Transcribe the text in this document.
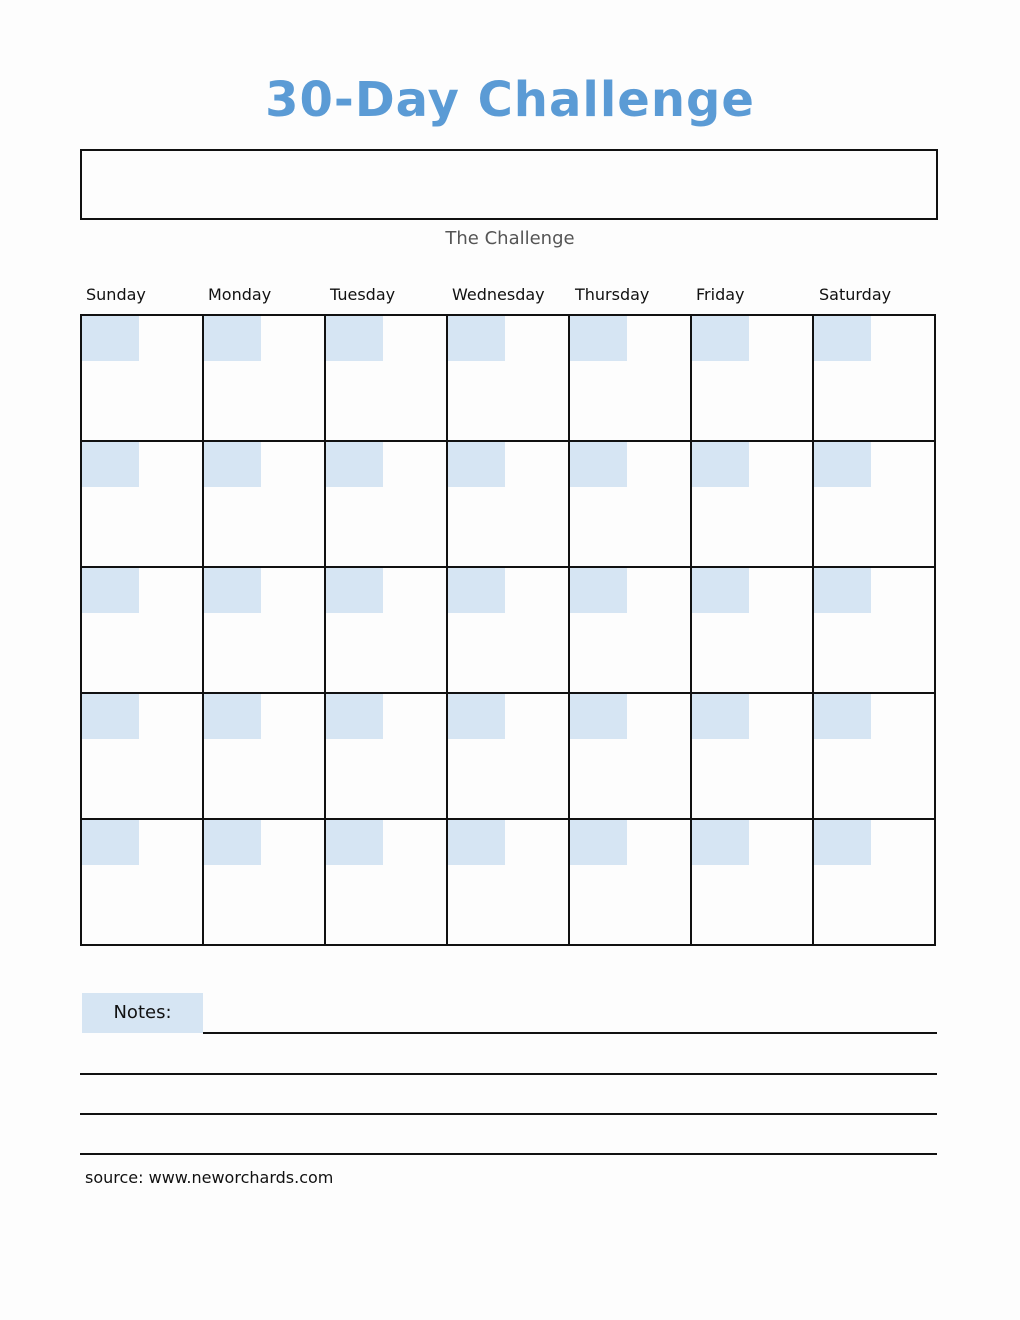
30-Day Challenge
The Challenge
Sunday	Monday	Tuesday	Wednesday Thursday	Friday	Saturday
Notes:
source: www.neworchards.com
